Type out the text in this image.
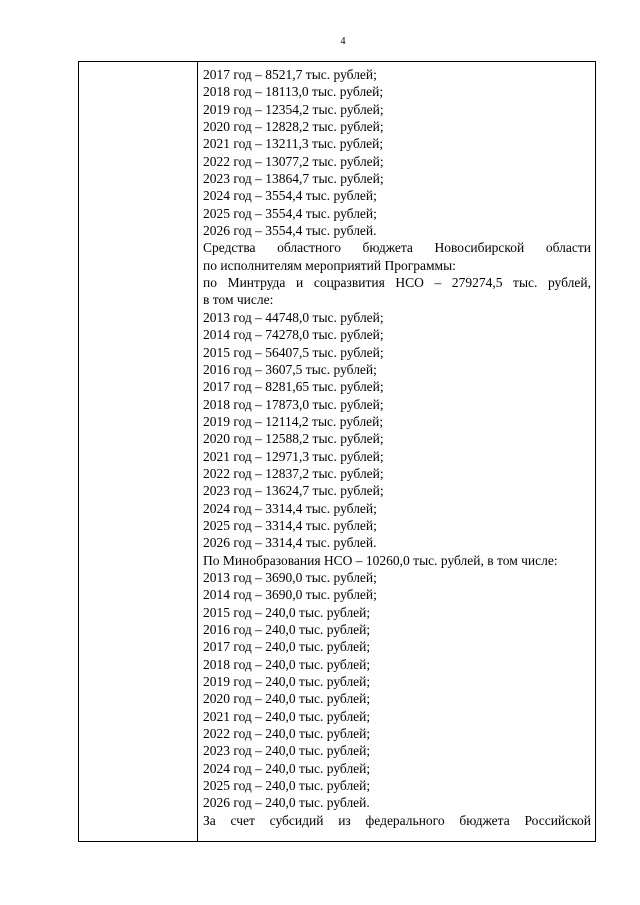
4
2017 год – 8521,7 тыс. рублей;
2018 год – 18113,0 тыс. рублей;
2019 год – 12354,2 тыс. рублей;
2020 год – 12828,2 тыс. рублей;
2021 год – 13211,3 тыс. рублей;
2022 год – 13077,2 тыс. рублей;
2023 год – 13864,7 тыс. рублей;
2024 год – 3554,4 тыс. рублей;
2025 год – 3554,4 тыс. рублей;
2026 год – 3554,4 тыс. рублей.
Средства областного бюджета Новосибирской области
по исполнителям мероприятий Программы:
по Минтруда и соцразвития НСО – 279274,5 тыс. рублей,
в том числе:
2013 год – 44748,0 тыс. рублей;
2014 год – 74278,0 тыс. рублей;
2015 год – 56407,5 тыс. рублей;
2016 год – 3607,5 тыс. рублей;
2017 год – 8281,65 тыс. рублей;
2018 год – 17873,0 тыс. рублей;
2019 год – 12114,2 тыс. рублей;
2020 год – 12588,2 тыс. рублей;
2021 год – 12971,3 тыс. рублей;
2022 год – 12837,2 тыс. рублей;
2023 год – 13624,7 тыс. рублей;
2024 год – 3314,4 тыс. рублей;
2025 год – 3314,4 тыс. рублей;
2026 год – 3314,4 тыс. рублей.
По Минобразования НСО – 10260,0 тыс. рублей, в том числе:
2013 год – 3690,0 тыс. рублей;
2014 год – 3690,0 тыс. рублей;
2015 год – 240,0 тыс. рублей;
2016 год – 240,0 тыс. рублей;
2017 год – 240,0 тыс. рублей;
2018 год – 240,0 тыс. рублей;
2019 год – 240,0 тыс. рублей;
2020 год – 240,0 тыс. рублей;
2021 год – 240,0 тыс. рублей;
2022 год – 240,0 тыс. рублей;
2023 год – 240,0 тыс. рублей;
2024 год – 240,0 тыс. рублей;
2025 год – 240,0 тыс. рублей;
2026 год – 240,0 тыс. рублей.
За счет субсидий из федерального бюджета Российской
